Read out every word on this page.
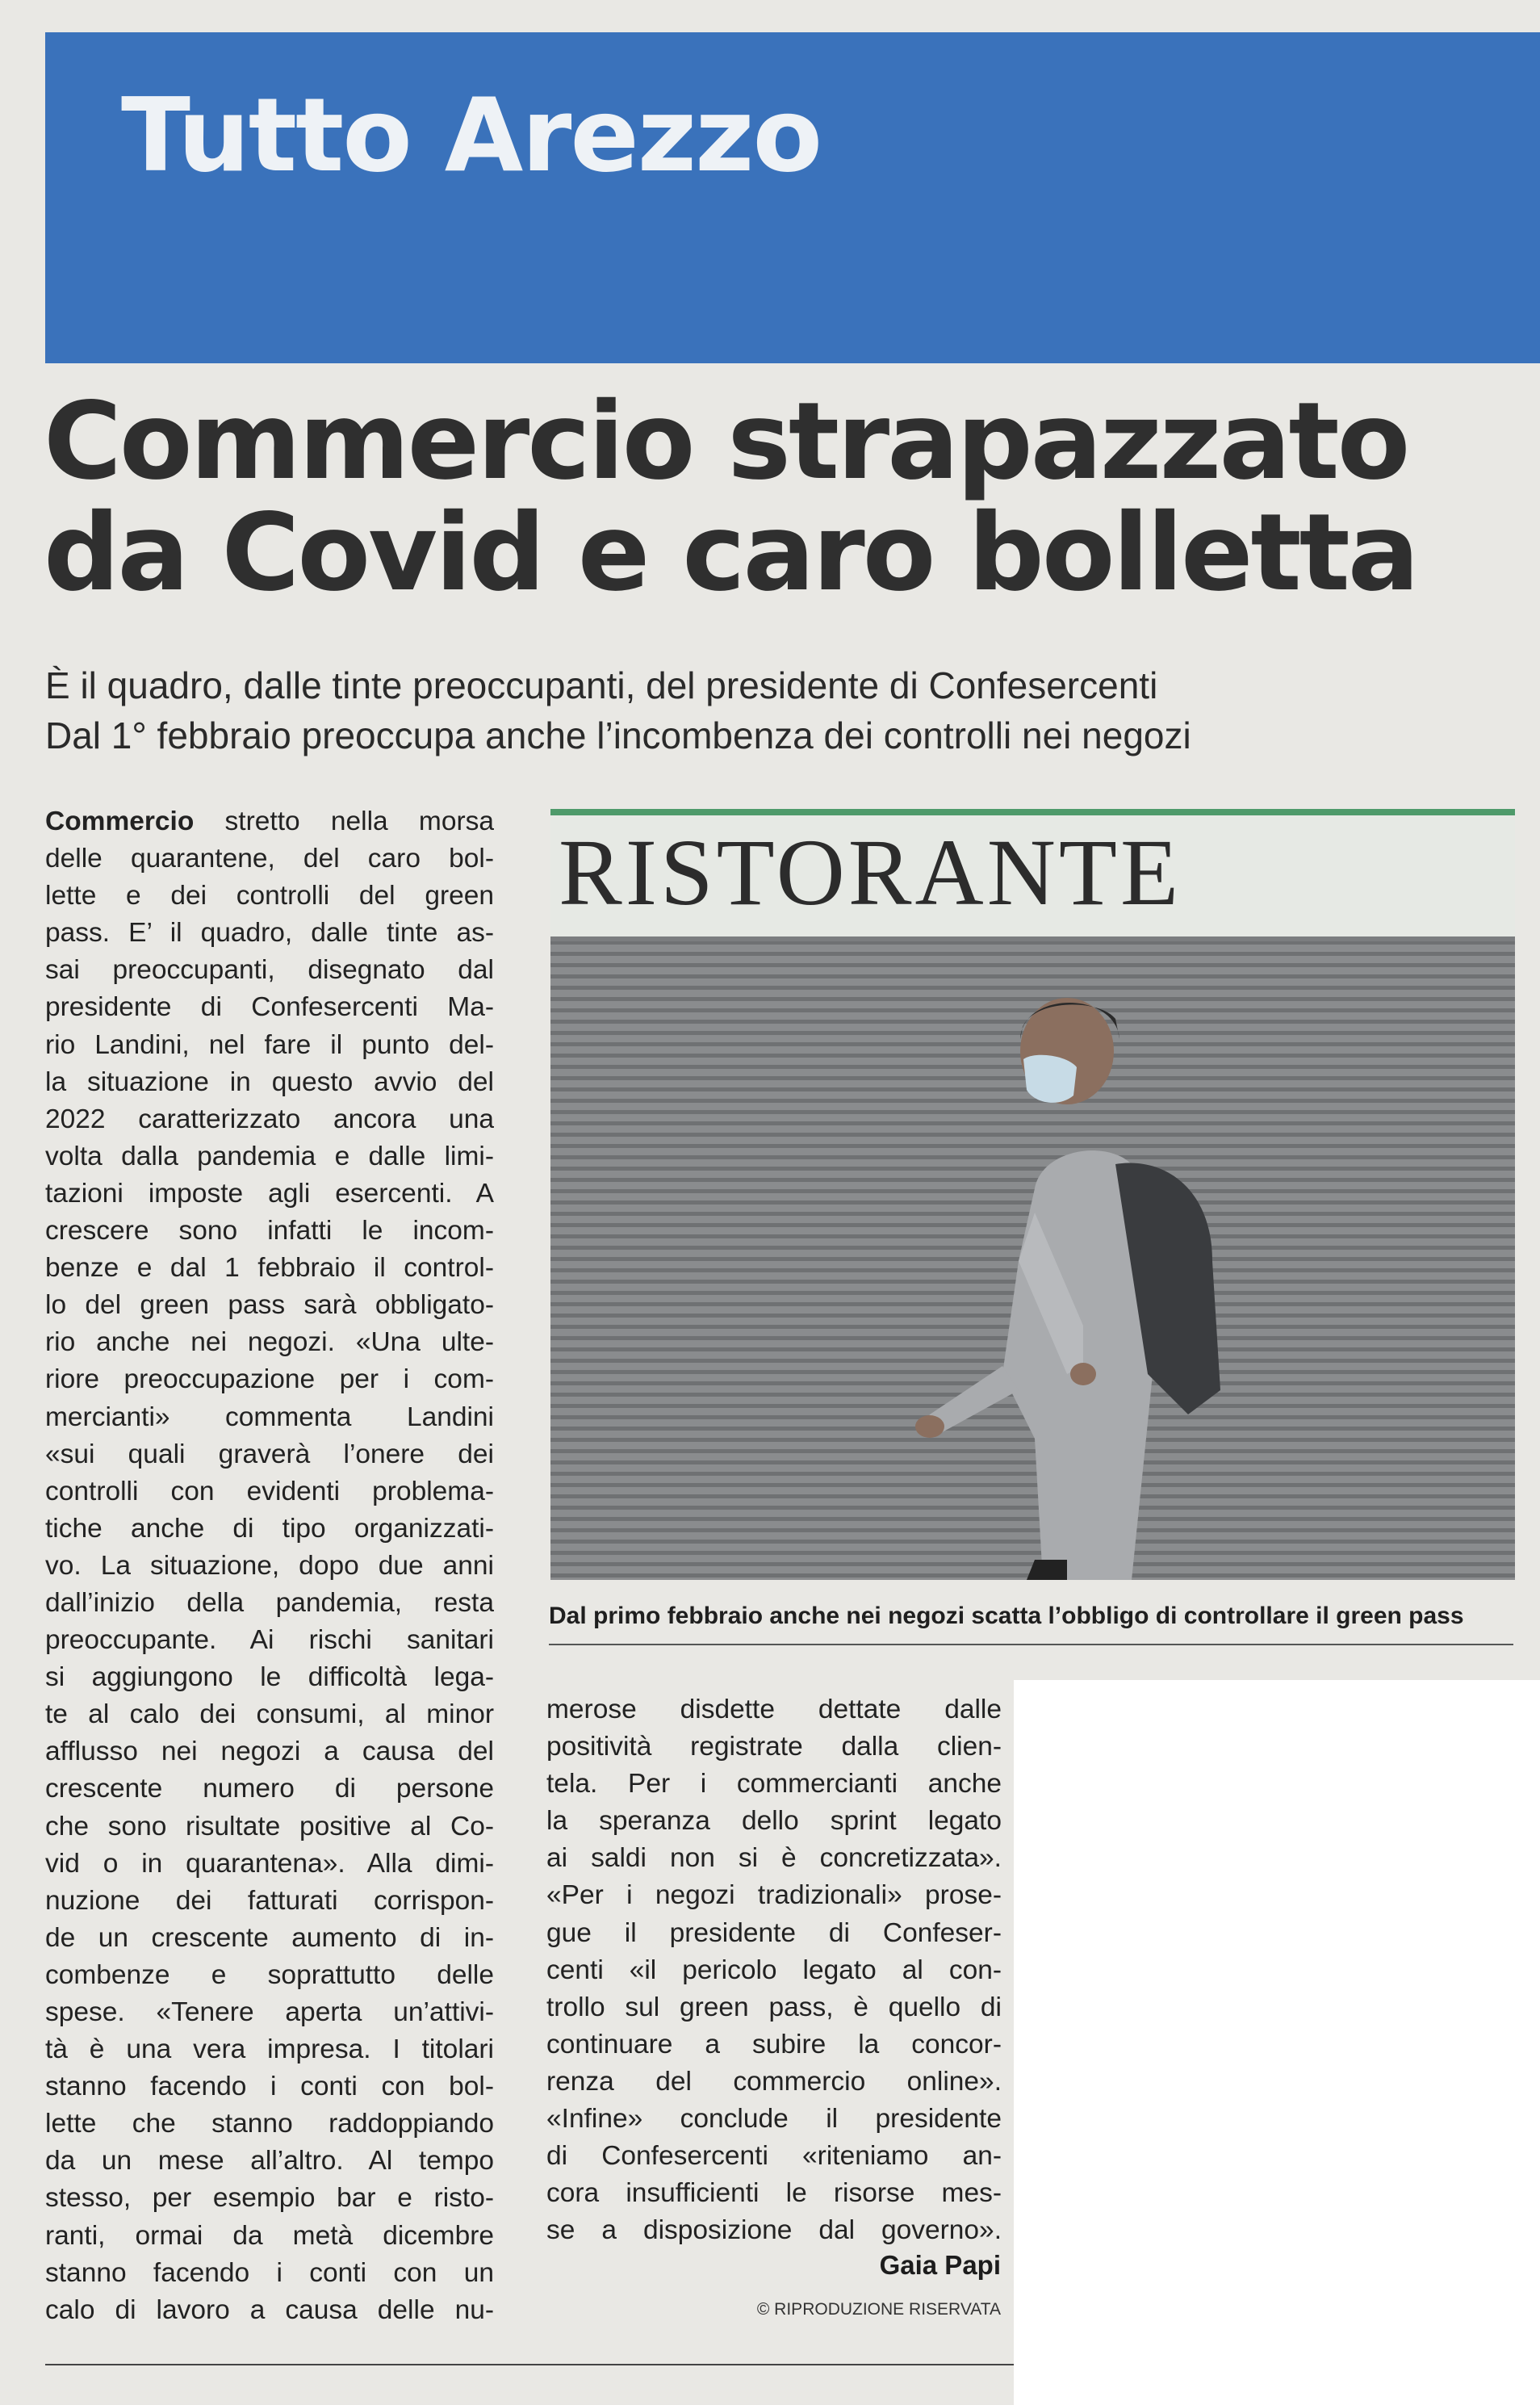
Tutto Arezzo
Commercio strapazzato
da Covid e caro bolletta
È il quadro, dalle tinte preoccupanti, del presidente di Confesercenti
Dal 1° febbraio preoccupa anche l’incombenza dei controlli nei negozi
RISTORANTE

Dal primo febbraio anche nei negozi scatta l’obbligo di controllare il green pass

Commercio stretto nella morsa
delle quarantene, del caro bol-
lette e dei controlli del green
pass. E’ il quadro, dalle tinte as-
sai preoccupanti, disegnato dal
presidente di Confesercenti Ma-
rio Landini, nel fare il punto del-
la situazione in questo avvio del
2022 caratterizzato ancora una
volta dalla pandemia e dalle limi-
tazioni imposte agli esercenti. A
crescere sono infatti le incom-
benze e dal 1 febbraio il control-
lo del green pass sarà obbligato-
rio anche nei negozi. «Una ulte-
riore preoccupazione per i com-
mercianti» commenta Landini
«sui quali graverà l’onere dei
controlli con evidenti problema-
tiche anche di tipo organizzati-
vo. La situazione, dopo due anni
dall’inizio della pandemia, resta
preoccupante. Ai rischi sanitari
si aggiungono le difficoltà lega-
te al calo dei consumi, al minor
afflusso nei negozi a causa del
crescente numero di persone
che sono risultate positive al Co-
vid o in quarantena». Alla dimi-
nuzione dei fatturati corrispon-
de un crescente aumento di in-
combenze e soprattutto delle
spese. «Tenere aperta un’attivi-
tà è una vera impresa. I titolari
stanno facendo i conti con bol-
lette che stanno raddoppiando
da un mese all’altro. Al tempo
stesso, per esempio bar e risto-
ranti, ormai da metà dicembre
stanno facendo i conti con un
calo di lavoro a causa delle nu-
merose disdette dettate dalle
positività registrate dalla clien-
tela. Per i commercianti anche
la speranza dello sprint legato
ai saldi non si è concretizzata».
«Per i negozi tradizionali» prose-
gue il presidente di Confeser-
centi «il pericolo legato al con-
trollo sul green pass, è quello di
continuare a subire la concor-
renza del commercio online».
«Infine» conclude il presidente
di Confesercenti «riteniamo an-
cora insufficienti le risorse mes-
se a disposizione dal governo».
Gaia Papi
© RIPRODUZIONE RISERVATA
